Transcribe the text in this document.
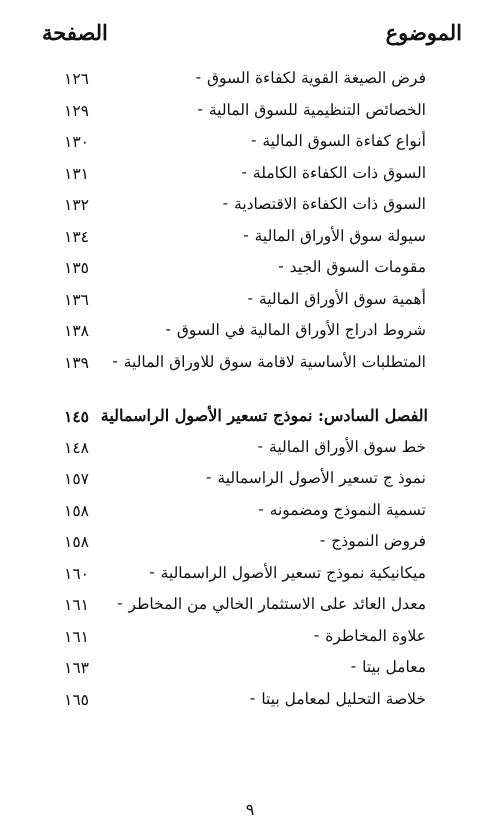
الموضوع
الصفحة
- فرض الصيغة القوية لكفاءة السوق
١٢٦
- الخصائص التنظيمية للسوق المالية
١٢٩
- أنواع كفاءة السوق المالية
١٣٠
- السوق ذات الكفاءة الكاملة
١٣١
- السوق ذات الكفاءة الاقتصادية
١٣٢
- سيولة سوق الأوراق المالية
١٣٤
- مقومات السوق الجيد
١٣٥
- أهمية سوق الأوراق المالية
١٣٦
- شروط ادراج الأوراق المالية في السوق
١٣٨
- المتطلبات الأساسية لاقامة سوق للاوراق المالية
١٣٩
الفصل السادس: نموذج تسعير الأصول الراسمالية
١٤٥
- خط سوق الأوراق المالية
١٤٨
- نموذ ج تسعير الأصول الراسمالية
١٥٧
- تسمية النموذج ومضمونه
١٥٨
- فروض النموذج
١٥٨
- ميكانيكية نموذج تسعير الأصول الراسمالية
١٦٠
- معدل العائد على الاستثمار الخالي من المخاطر
١٦١
- علاوة المخاطرة
١٦١
- معامل بيتا
١٦٣
- خلاصة التحليل لمعامل بيتا
١٦٥
٩
